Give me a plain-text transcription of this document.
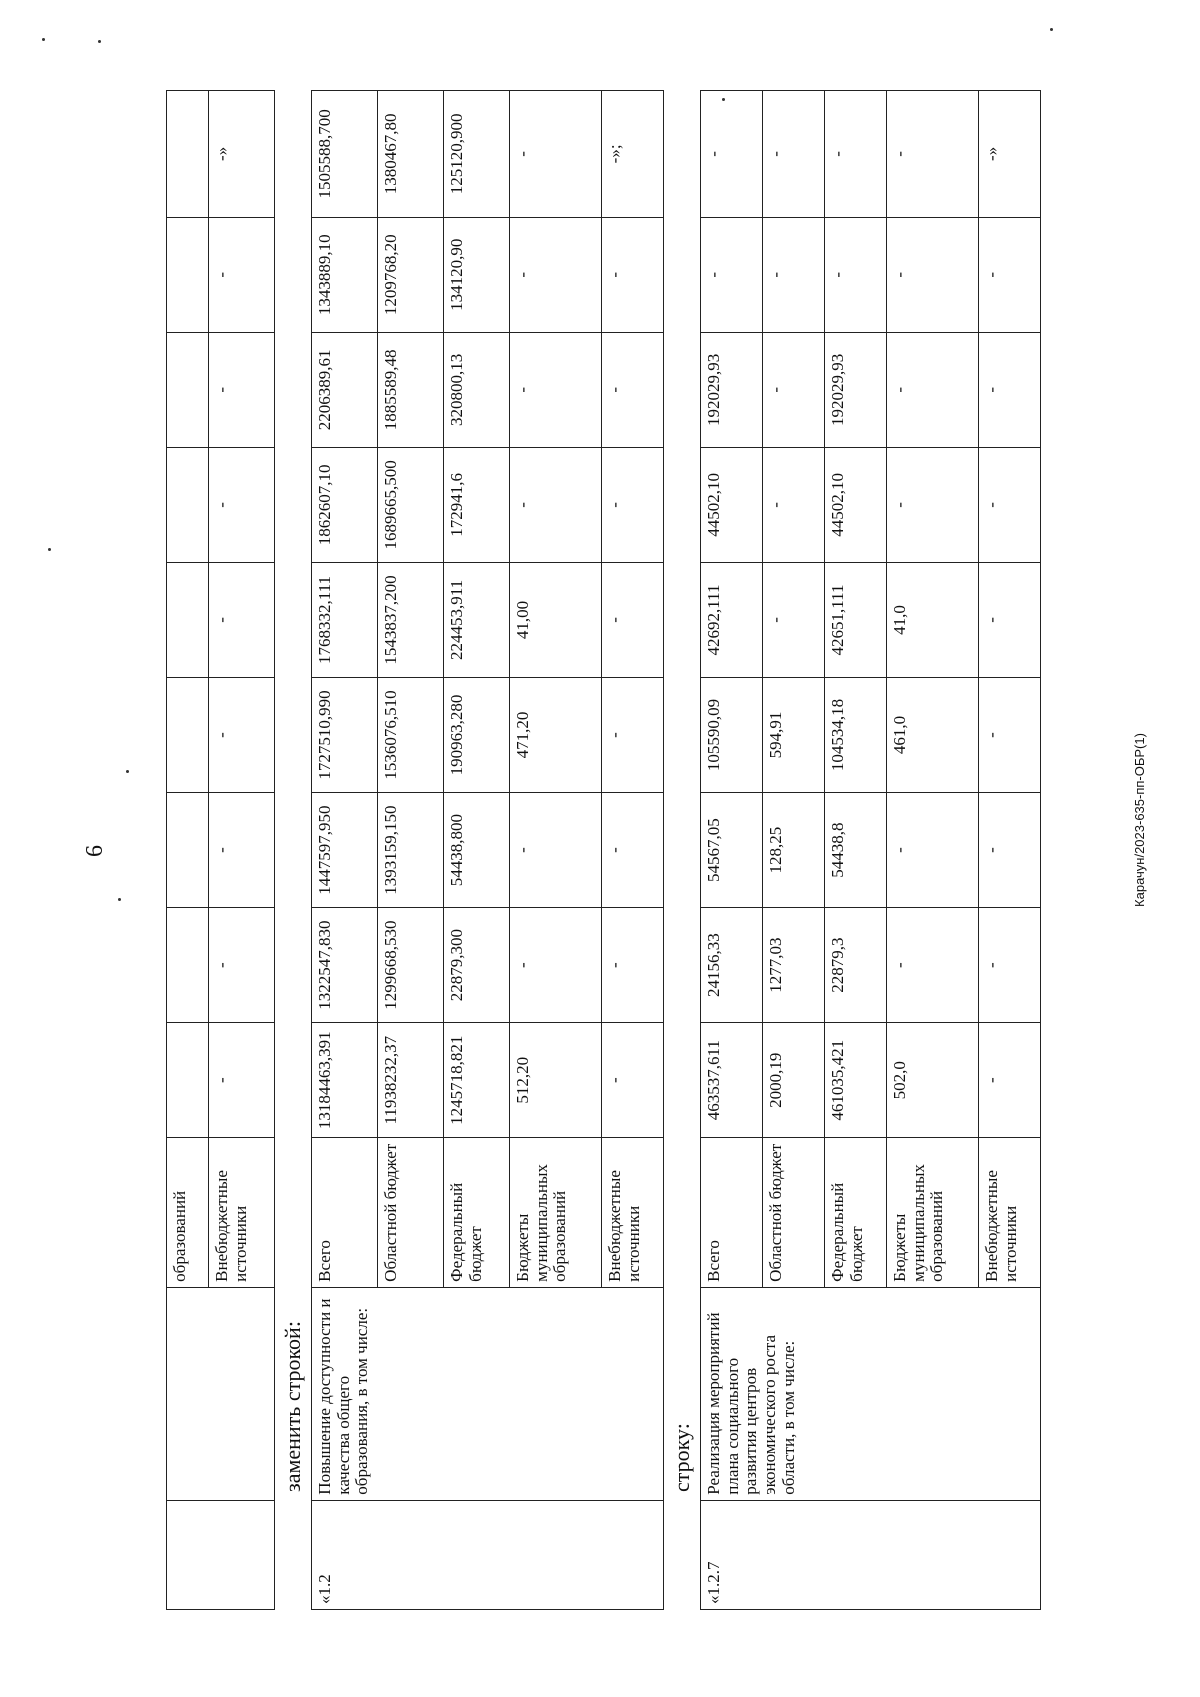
6	Карачун/2023-635-пп-ОБР(1)
		образований									
		Внебюджетные источники	-	-	-	-	-	-	-	-	-»
заменить строкой:
«1.2	Повышение доступности и качества общего образования, в том числе:	Всего	13184463,391	1322547,830	1447597,950	1727510,990	1768332,111	1862607,10	2206389,61	1343889,10	1505588,700
		Областной бюджет	11938232,37	1299668,530	1393159,150	1536076,510	1543837,200	1689665,500	1885589,48	1209768,20	1380467,80
		Федеральный бюджет	1245718,821	22879,300	54438,800	190963,280	224453,911	172941,6	320800,13	134120,90	125120,900
		Бюджеты муниципальных образований	512,20	-	-	471,20	41,00	-	-	-	-
		Внебюджетные источники	-	-	-	-	-	-	-	-	-»;
строку:
«1.2.7	Реализация мероприятий плана социального развития центров экономического роста области, в том числе:	Всего	463537,611	24156,33	54567,05	105590,09	42692,111	44502,10	192029,93	-	-
		Областной бюджет	2000,19	1277,03	128,25	594,91	-	-	-	-	-
		Федеральный бюджет	461035,421	22879,3	54438,8	104534,18	42651,111	44502,10	192029,93	-	-
		Бюджеты муниципальных образований	502,0	-	-	461,0	41,0	-	-	-	-
		Внебюджетные источники	-	-	-	-	-	-	-	-	-»
